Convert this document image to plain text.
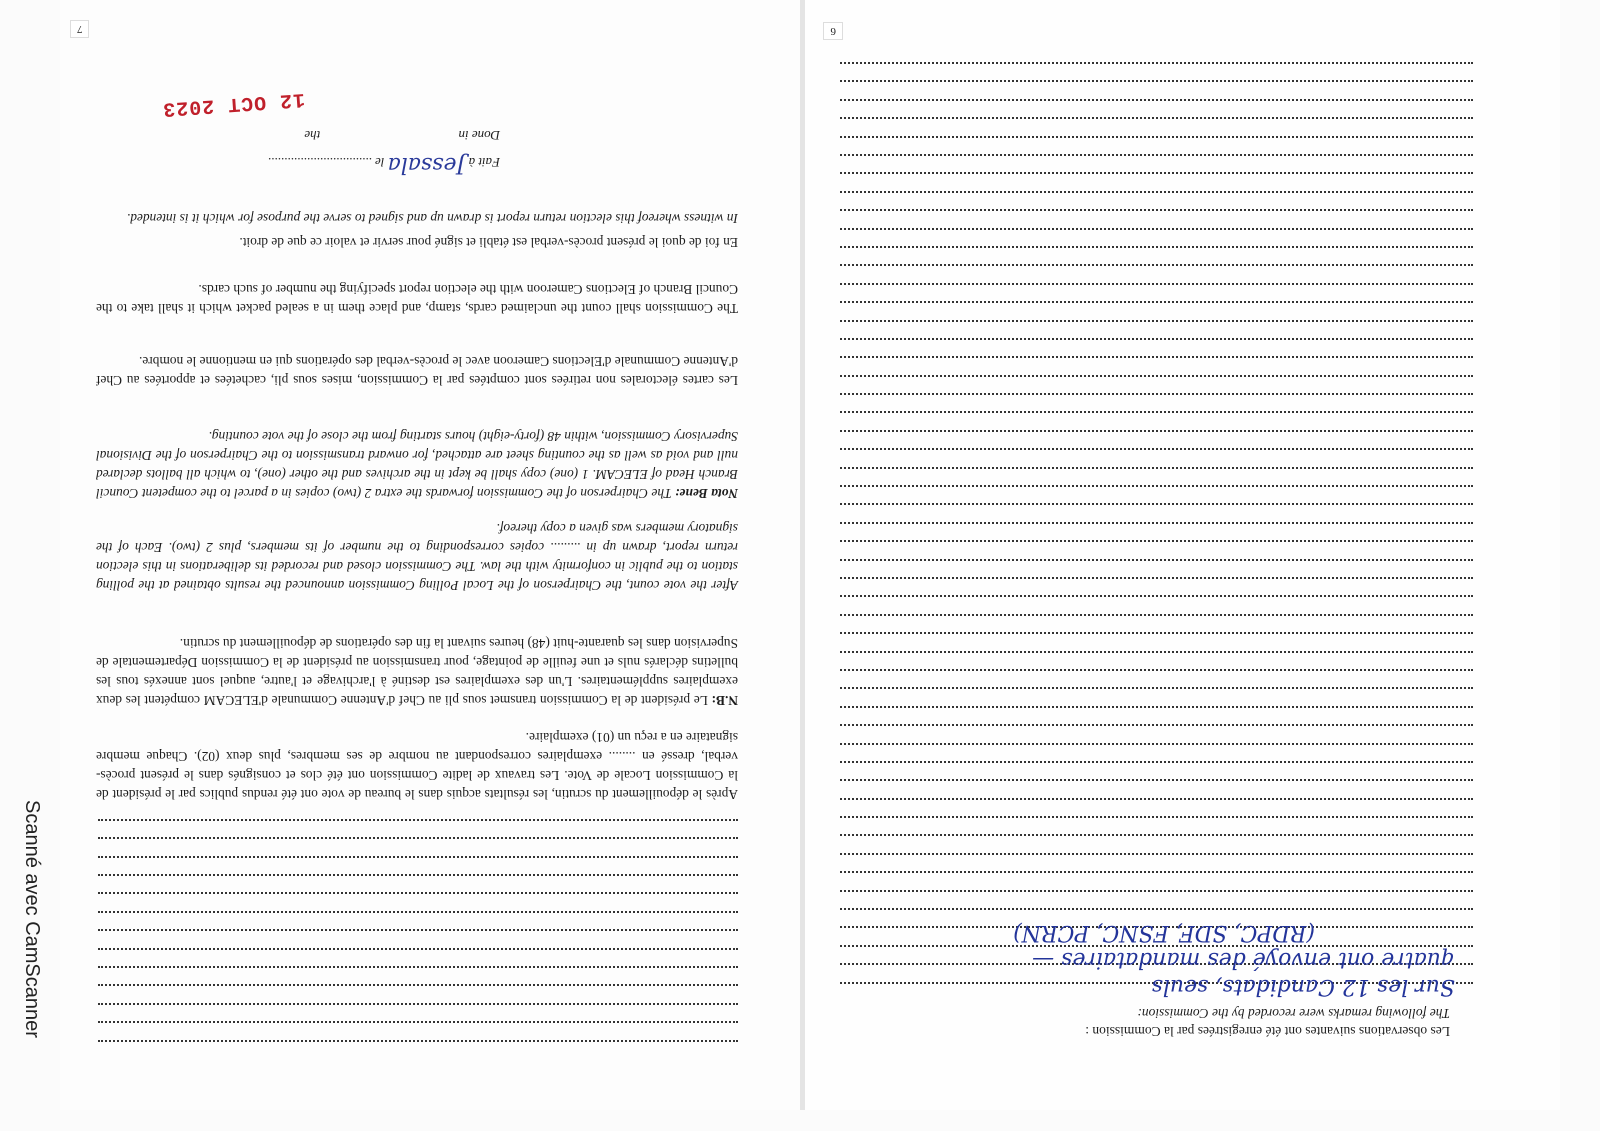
Scanné avec CamScanner
Après le dépouillement du scrutin, les résultats acquis dans le bureau de vote ont été rendus publics par le président de la Commission Locale de Vote. Les travaux de ladite Commission ont été clos et consignés dans le présent procès-verbal, dressé en ........ exemplaires correspondant au nombre de ses membres, plus deux (02). Chaque membre signataire en a reçu un (01) exemplaire.
N.B: Le président de la Commission transmet sous pli au Chef d'Antenne Communale d'ELECAM compétent les deux exemplaires supplémentaires. L'un des exemplaires est destiné à l'archivage et l'autre, auquel sont annexés tous les bulletins déclarés nuls et une feuille de pointage, pour transmission au président de la Commission Départementale de Supervision dans les quarante-huit (48) heures suivant la fin des opérations de dépouillement du scrutin.
After the vote count, the Chairperson of the Local Polling Commission announced the results obtained at the polling station to the public in conformity with the law. The Commission closed and recorded its deliberations in this election return report, drawn up in ......... copies corresponding to the number of its members, plus 2 (two). Each of the signatory members was given a copy thereof.
Nota Bene: The Chairperson of the Commission forwards the extra 2 (two) copies in a parcel to the competent Council Branch Head of ELECAM. 1 (one) copy shall be kept in the archives and the other (one), to which all ballots declared null and void as well as the counting sheet are attached, for onward transmission to the Chairperson of the Divisional Supervisory Commission, within 48 (forty-eight) hours starting from the close of the vote counting.
Les cartes électorales non retirées sont comptées par la Commission, mises sous pli, cachetées et apportées au Chef d'Antenne Communale d'Elections Cameroon avec le procès-verbal des opérations qui en mentionne le nombre.
The Commission shall count the unclaimed cards, stamp, and place them in a sealed packet which it shall take to the Council Branch of Elections Cameroon with the election report specifying the number of such cards.
En foi de quoi le présent procès-verbal est établi et signé pour servir et valoir ce que de droit.
In witness whereof this election return report is drawn up and signed to serve the purpose for which it is intended.
Fait à Jessala le ................................
Done in the
12 OCT 2023
7
Les observations suivantes ont été enregistrées par la Commission :
The following remarks were recorded by the Commission:
Sur les 12 Candidats, seuls
quatre ont envoyé des mandataires —
(RDPC, SDF, FSNC, PCRN)
6
